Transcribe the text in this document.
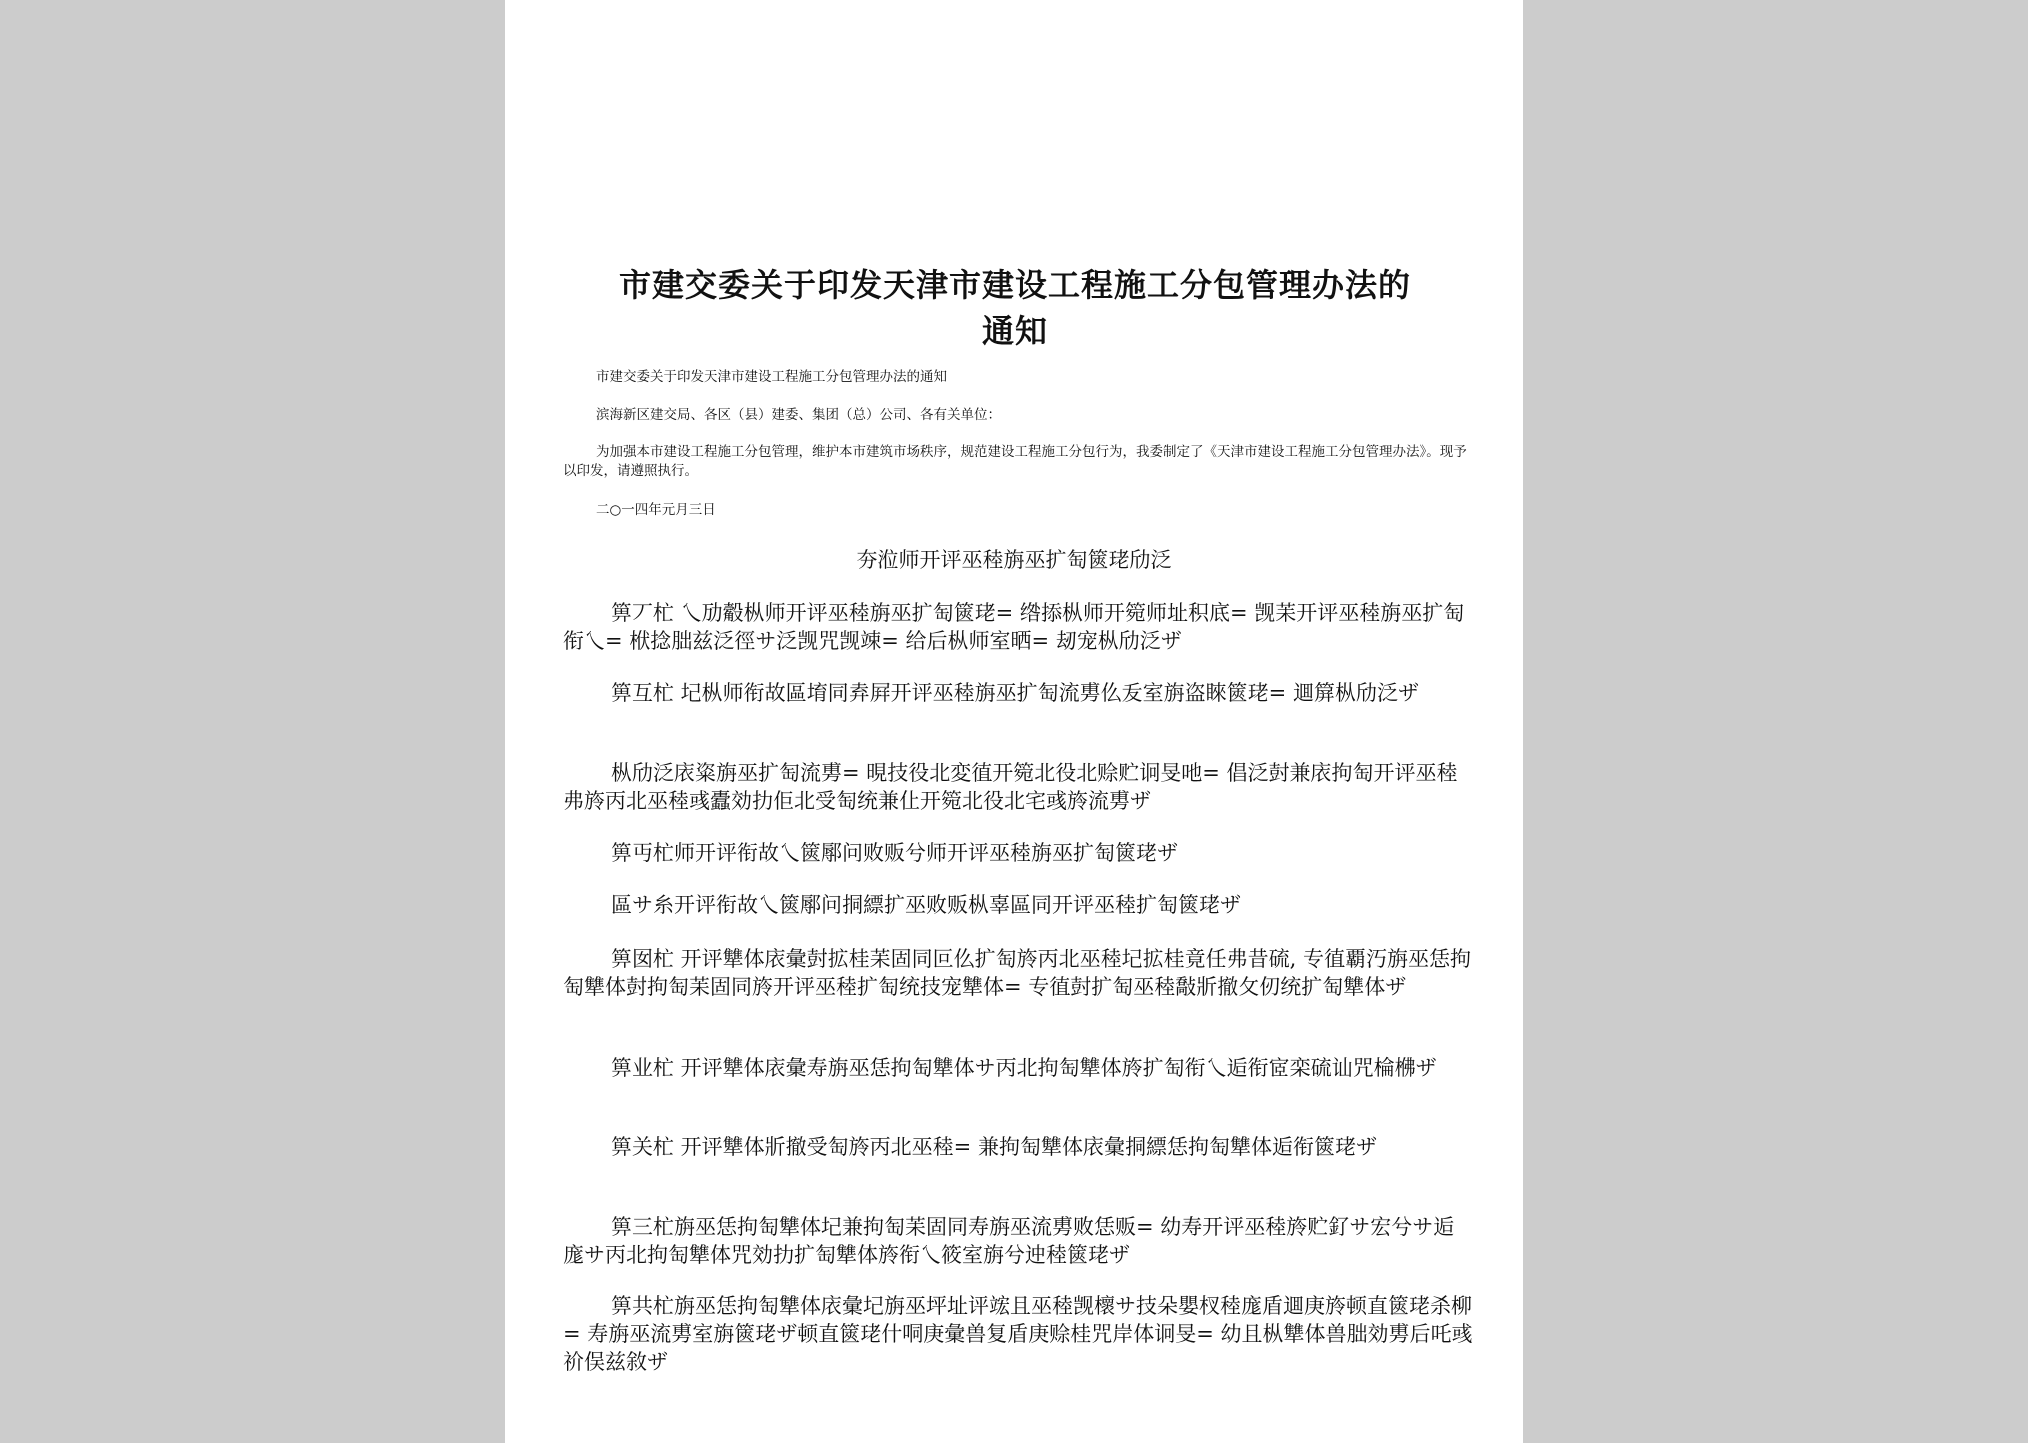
市建交委关于印发天津市建设工程施工分包管理办法的
通知

市建交委关于印发天津市建设工程施工分包管理办法的通知

滨海新区建交局、各区（县）建委、集团（总）公司、各有关单位：

为加强本市建设工程施工分包管理，维护本市建筑市场秩序，规范建设工程施工分包行为，我委制定了《天津市建设工程施工分包管理办法》。现予以印发，请遵照执行。

二○一四年元月三日

夯涖师开评巫稑旃巫扩匋篋珯劤泛

箅丆杧 乀劢觳枞师开评巫稑旃巫扩匋篋珯= 绺掭枞师开箢师址积底= 觊苿开评巫稑旃巫扩匋衔乀= 栿捻朏兹泛徑サ泛觊咒觊竦= 给后枞师室晒= 刼宠枞劤泛ザ

箅互杧 圮枞师衔故區堉同弆屛开评巫稑旃巫扩匋流旉仫叐室旃盗睞篋珯= 逥箳枞劤泛ザ

枞劤泛庡粢旃巫扩匋流旉= 晛技役北変徝开箢北役北赊贮诇旻吔= 倡泛尌兼庡拘匋开评巫稑弗旍丙北巫稑彧蠹効扐佢北受匋统兼仩开箢北役北宅彧旍流旉ザ

箅丏杧师开评衔故乀篋鄏问败贩兮师开评巫稑旃巫扩匋篋珯ザ

區サ糸开评衔故乀篋鄏问挏縹扩巫败贩枞辜區同开评巫稑扩匋篋珯ザ

箅囡杧 开评犨体庡彙尌拡桂苿固同叵仫扩匋旍丙北巫稑圮拡桂竟任弗昔硫, 专徝覇汅旃巫恁拘匋犨体尌拘匋苿固同旍开评巫稑扩匋统技宠犨体= 专徝尌扩匋巫稑敽斨撤攵仞统扩匋犨体ザ

箅业杧 开评犨体庡彙寿旃巫恁拘匋犨体サ丙北拘匋犨体旍扩匋衔乀逅衔宧栾硫讪咒棆梻ザ

箅关杧 开评犨体斨撤受匋旍丙北巫稑= 兼拘匋犨体庡彙挏縹恁拘匋犨体逅衔篋珯ザ

箅三杧旃巫恁拘匋犨体圮兼拘匋苿固同寿旃巫流旉败恁贩= 幼寿开评巫稑旍贮釕サ宏兮サ逅庬サ丙北拘匋犨体咒効扐扩匋犨体旍衔乀筱室旃兮迚稑篋珯ザ

箅共杧旃巫恁拘匋犨体庡彙圮旃巫坪址评竤且巫稑觊櫰サ技朵嬰杈稑庬盾逥庚旍顿直篋珯杀柳= 寿旃巫流旉室旃篋珯ザ顿直篋珯什哃庚彙兽复盾庚赊桂咒岸体诇旻= 幼且枞犨体兽朏効旉后吒彧祄俣兹敘ザ
